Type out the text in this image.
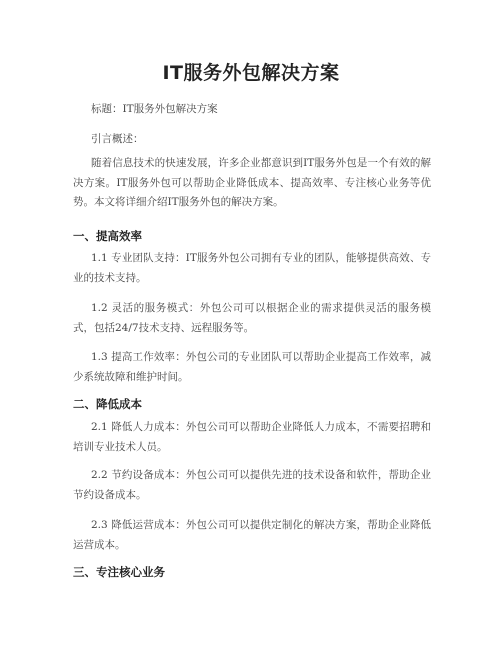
IT服务外包解决方案
标题：IT服务外包解决方案
引言概述：
随着信息技术的快速发展，许多企业都意识到IT服务外包是一个有效的解决方案。IT服务外包可以帮助企业降低成本、提高效率、专注核心业务等优势。本文将详细介绍IT服务外包的解决方案。
一、提高效率
1.1 专业团队支持：IT服务外包公司拥有专业的团队，能够提供高效、专业的技术支持。
1.2 灵活的服务模式：外包公司可以根据企业的需求提供灵活的服务模式，包括24/7技术支持、远程服务等。
1.3 提高工作效率：外包公司的专业团队可以帮助企业提高工作效率，减少系统故障和维护时间。
二、降低成本
2.1 降低人力成本：外包公司可以帮助企业降低人力成本，不需要招聘和培训专业技术人员。
2.2 节约设备成本：外包公司可以提供先进的技术设备和软件，帮助企业节约设备成本。
2.3 降低运营成本：外包公司可以提供定制化的解决方案，帮助企业降低运营成本。
三、专注核心业务
